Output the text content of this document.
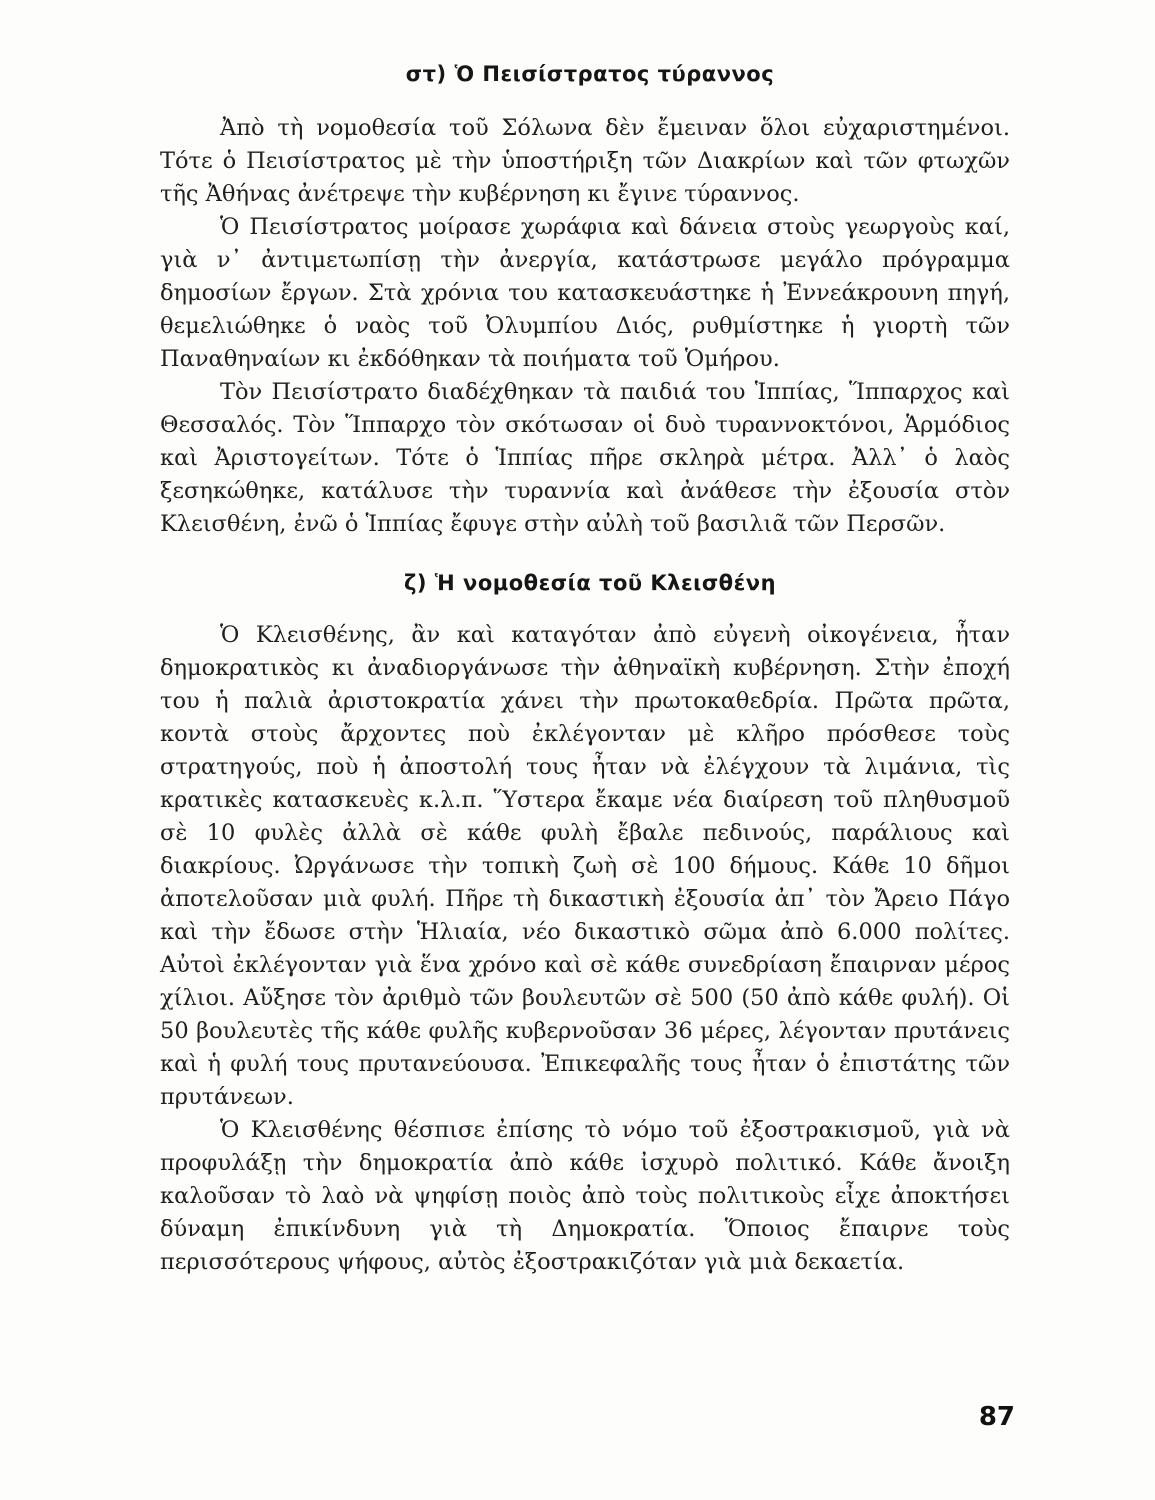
στ) Ὁ Πεισίστρατος τύραννος

Ἀπὸ τὴ νομοθεσία τοῦ Σόλωνα δὲν ἔμειναν ὅλοι εὐχαριστημένοι. Τότε ὁ Πεισίστρατος μὲ τὴν ὑποστήριξη τῶν Διακρίων καὶ τῶν φτωχῶν τῆς Ἀθήνας ἀνέτρεψε τὴν κυβέρνηση κι ἔγινε τύραννος.

Ὁ Πεισίστρατος μοίρασε χωράφια καὶ δάνεια στοὺς γεωργοὺς καί, γιὰ ν᾽ ἀντιμετωπίσῃ τὴν ἀνεργία, κατάστρωσε μεγάλο πρόγραμμα δημοσίων ἔργων. Στὰ χρόνια του κατασκευάστηκε ἡ Ἐννεάκρουνη πηγή, θεμελιώθηκε ὁ ναὸς τοῦ Ὀλυμπίου Διός, ρυθμίστηκε ἡ γιορτὴ τῶν Παναθηναίων κι ἐκδόθηκαν τὰ ποιήματα τοῦ Ὁμήρου.

Τὸν Πεισίστρατο διαδέχθηκαν τὰ παιδιά του Ἱππίας, Ἵππαρχος καὶ Θεσσαλός. Τὸν Ἵππαρχο τὸν σκότωσαν οἱ δυὸ τυραννοκτόνοι, Ἁρμόδιος καὶ Ἀριστογείτων. Τότε ὁ Ἱππίας πῆρε σκληρὰ μέτρα. Ἀλλ᾽ ὁ λαὸς ξεσηκώθηκε, κατάλυσε τὴν τυραννία καὶ ἀνάθεσε τὴν ἐξουσία στὸν Κλεισθένη, ἐνῶ ὁ Ἱππίας ἔφυγε στὴν αὐλὴ τοῦ βασιλιᾶ τῶν Περσῶν.

ζ) Ἡ νομοθεσία τοῦ Κλεισθένη

Ὁ Κλεισθένης, ἂν καὶ καταγόταν ἀπὸ εὐγενὴ οἰκογένεια, ἦταν δημοκρατικὸς κι ἀναδιοργάνωσε τὴν ἀθηναϊκὴ κυβέρνηση. Στὴν ἐποχή του ἡ παλιὰ ἀριστοκρατία χάνει τὴν πρωτοκαθεδρία. Πρῶτα πρῶτα, κοντὰ στοὺς ἄρχοντες ποὺ ἐκλέγονταν μὲ κλῆρο πρόσθεσε τοὺς στρατηγούς, ποὺ ἡ ἀποστολή τους ἦταν νὰ ἐλέγχουν τὰ λιμάνια, τὶς κρατικὲς κατασκευὲς κ.λ.π. Ὕστερα ἔκαμε νέα διαίρεση τοῦ πληθυσμοῦ σὲ 10 φυλὲς ἀλλὰ σὲ κάθε φυλὴ ἔβαλε πεδινούς, παράλιους καὶ διακρίους. Ὠργάνωσε τὴν τοπικὴ ζωὴ σὲ 100 δήμους. Κάθε 10 δῆμοι ἀποτελοῦσαν μιὰ φυλή. Πῆρε τὴ δικαστικὴ ἐξουσία ἀπ᾽ τὸν Ἄρειο Πάγο καὶ τὴν ἔδωσε στὴν Ἡλιαία, νέο δικαστικὸ σῶμα ἀπὸ 6.000 πολίτες. Αὐτοὶ ἐκλέγονταν γιὰ ἕνα χρόνο καὶ σὲ κάθε συνεδρίαση ἔπαιρναν μέρος χίλιοι. Αὔξησε τὸν ἀριθμὸ τῶν βουλευτῶν σὲ 500 (50 ἀπὸ κάθε φυλή). Οἱ 50 βουλευτὲς τῆς κάθε φυλῆς κυβερνοῦσαν 36 μέρες, λέγονταν πρυτάνεις καὶ ἡ φυλή τους πρυτανεύουσα. Ἐπικεφαλῆς τους ἦταν ὁ ἐπιστάτης τῶν πρυτάνεων.

Ὁ Κλεισθένης θέσπισε ἐπίσης τὸ νόμο τοῦ ἐξοστρακισμοῦ, γιὰ νὰ προφυλάξῃ τὴν δημοκρατία ἀπὸ κάθε ἰσχυρὸ πολιτικό. Κάθε ἄνοιξη καλοῦσαν τὸ λαὸ νὰ ψηφίσῃ ποιὸς ἀπὸ τοὺς πολιτικοὺς εἶχε ἀποκτήσει δύναμη ἐπικίνδυνη γιὰ τὴ Δημοκρατία. Ὅποιος ἔπαιρνε τοὺς περισσότερους ψήφους, αὐτὸς ἐξοστρακιζόταν γιὰ μιὰ δεκαετία.

87
